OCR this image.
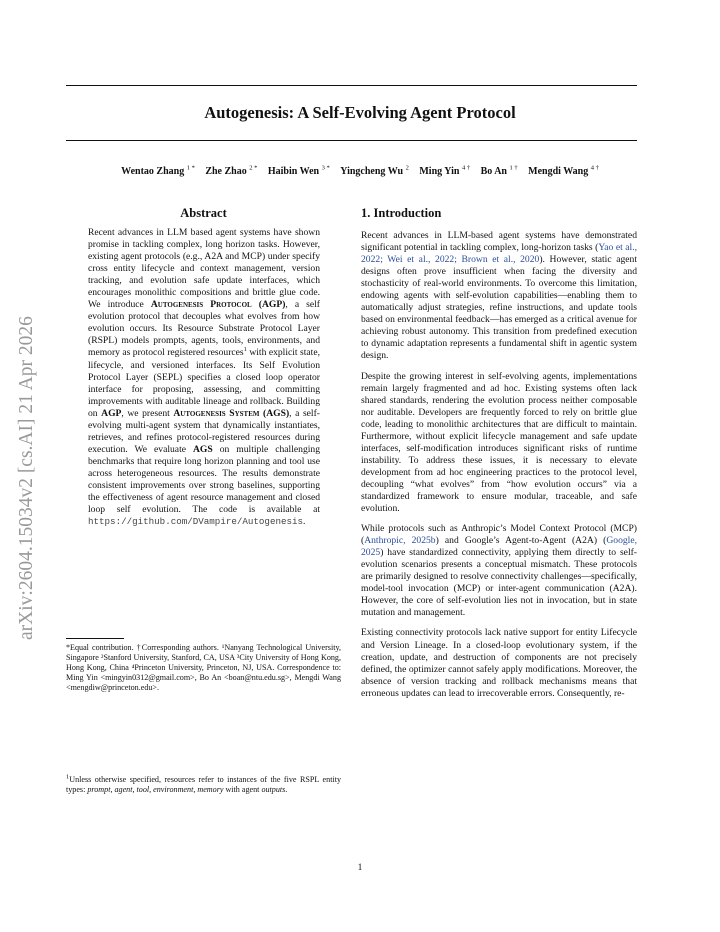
arXiv:2604.15034v2 [cs.AI] 21 Apr 2026
Autogenesis: A Self-Evolving Agent Protocol
Wentao Zhang $^{1 *}$ Zhe Zhao $^{2 *}$ Haibin Wen $^{3 *}$ Yingcheng Wu $^2$ Ming Yin $^{4 \dagger}$ Bo An $^{1 \dagger}$ Mengdi Wang $^{4 \dagger}$
Abstract
Recent advances in LLM based agent systems have shown promise in tackling complex, long horizon tasks. However, existing agent protocols (e.g., A2A and MCP) under specify cross entity lifecycle and context management, version tracking, and evolution safe update interfaces, which encourages monolithic compositions and brittle glue code. We introduce Autogenesis Protocol (AGP), a self evolution protocol that decouples what evolves from how evolution occurs. Its Resource Substrate Protocol Layer (RSPL) models prompts, agents, tools, environments, and memory as protocol registered resources$^1$ with explicit state, lifecycle, and versioned interfaces. Its Self Evolution Protocol Layer (SEPL) specifies a closed loop operator interface for proposing, assessing, and committing improvements with auditable lineage and rollback. Building on AGP, we present Autogenesis System (AGS), a self-evolving multi-agent system that dynamically instantiates, retrieves, and refines protocol-registered resources during execution. We evaluate AGS on multiple challenging benchmarks that require long horizon planning and tool use across heterogeneous resources. The results demonstrate consistent improvements over strong baselines, supporting the effectiveness of agent resource management and closed loop self evolution. The code is available at https://github.com/DVampire/Autogenesis.
*Equal contribution. †Corresponding authors. ¹Nanyang Technological University, Singapore ²Stanford University, Stanford, CA, USA ³City University of Hong Kong, Hong Kong, China ⁴Princeton University, Princeton, NJ, USA. Correspondence to: Ming Yin <mingyin0312@gmail.com>, Bo An <boan@ntu.edu.sg>, Mengdi Wang <mengdiw@princeton.edu>.
$^1$Unless otherwise specified, resources refer to instances of the five RSPL entity types: prompt, agent, tool, environment, memory with agent outputs.
1. Introduction

Recent advances in LLM-based agent systems have demonstrated significant potential in tackling complex, long-horizon tasks (Yao et al., 2022; Wei et al., 2022; Brown et al., 2020). However, static agent designs often prove insufficient when facing the diversity and stochasticity of real-world environments. To overcome this limitation, endowing agents with self-evolution capabilities—enabling them to automatically adjust strategies, refine instructions, and update tools based on environmental feedback—has emerged as a critical avenue for achieving robust autonomy. This transition from predefined execution to dynamic adaptation represents a fundamental shift in agentic system design.

Despite the growing interest in self-evolving agents, implementations remain largely fragmented and ad hoc. Existing systems often lack shared standards, rendering the evolution process neither composable nor auditable. Developers are frequently forced to rely on brittle glue code, leading to monolithic architectures that are difficult to maintain. Furthermore, without explicit lifecycle management and safe update interfaces, self-modification introduces significant risks of runtime instability. To address these issues, it is necessary to elevate development from ad hoc engineering practices to the protocol level, decoupling “what evolves” from “how evolution occurs” via a standardized framework to ensure modular, traceable, and safe evolution.

While protocols such as Anthropic’s Model Context Protocol (MCP) (Anthropic, 2025b) and Google’s Agent-to-Agent (A2A) (Google, 2025) have standardized connectivity, applying them directly to self-evolution scenarios presents a conceptual mismatch. These protocols are primarily designed to resolve connectivity challenges—specifically, model-tool invocation (MCP) or inter-agent communication (A2A). However, the core of self-evolution lies not in invocation, but in state mutation and management.

Existing connectivity protocols lack native support for entity Lifecycle and Version Lineage. In a closed-loop evolutionary system, if the creation, update, and destruction of components are not precisely defined, the optimizer cannot safely apply modifications. Moreover, the absence of version tracking and rollback mechanisms means that erroneous updates can lead to irrecoverable errors. Consequently, re-

1
